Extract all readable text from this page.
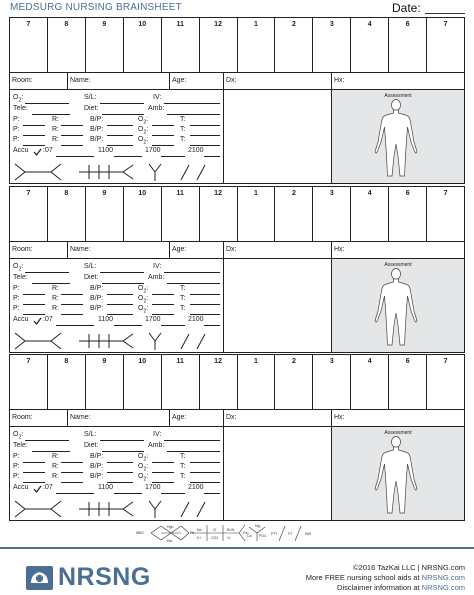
MEDSURG NURSING BRAINSHEET	Date:
7	8	9	10	11	12	1	2	3	4	6	7
Room:	Name:	Age:	Dx:	Hx:
$O_2$:	S/L:	IV:
Tele:	Diet:	Amb:
P:	R:	B/P:	$O_2$:	T:
P:	R:	B/P:	$O_2$:	T:
P:	R:	B/P:	$O_2$:	T:
Accu :07	1100	1700	2100
Assessment
7	8	9	10	11	12	1	2	3	4	6	7
Room:	Name:	Age:	Dx:	Hx:
$O_2$:	S/L:	IV:
Tele:	Diet:	Amb:
P:	R:	B/P:	$O_2$:	T:
P:	R:	B/P:	$O_2$:	T:
P:	R:	B/P:	$O_2$:	T:
Accu :07	1100	1700	2100
Assessment
7	8	9	10	11	12	1	2	3	4	6	7
Room:	Name:	Age:	Dx:	Hx:
$O_2$:	S/L:	IV:
Tele:	Diet:	Amb:
P:	R:	B/P:	$O_2$:	T:
P:	R:	B/P:	$O_2$:	T:
P:	R:	B/P:	$O_2$:	T:
Accu :07	1100	1700	2100
Assessment
WBC
Hgb
Hct
Plt
Na	Cl	BUN
K+	CO2	Cr
Glu
Ca
Mg
PO4 PTT	PT	INR
NRSNG	©2016 TazKai LLC | NRSNG.com
More FREE nursing school aids at NRSNG.com
Disclaimer information at NRSNG.com
